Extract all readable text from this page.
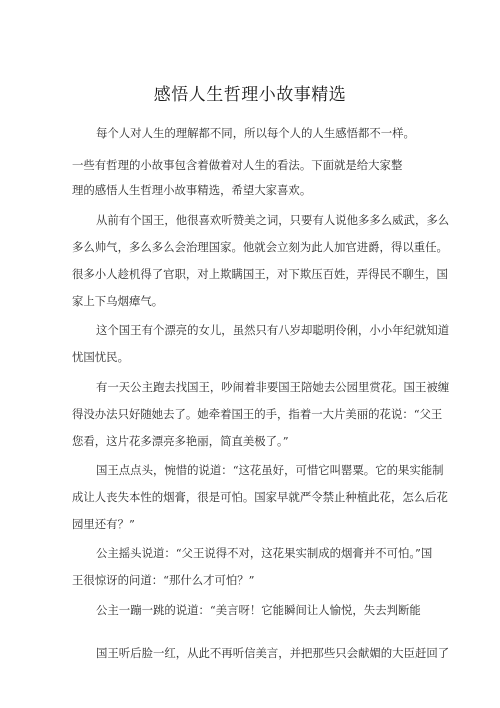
感悟人生哲理小故事精选
每个人对人生的理解都不同，所以每个人的人生感悟都不一样。
一些有哲理的小故事包含着做着对人生的看法。下面就是给大家整
理的感悟人生哲理小故事精选，希望大家喜欢。
从前有个国王，他很喜欢听赞美之词，只要有人说他多多么威武，多么
多么帅气，多么多么会治理国家。他就会立刻为此人加官进爵，得以重任。
很多小人趁机得了官职，对上欺瞒国王，对下欺压百姓，弄得民不聊生，国
家上下乌烟瘴气。
这个国王有个漂亮的女儿，虽然只有八岁却聪明伶俐，小小年纪就知道
忧国忧民。
有一天公主跑去找国王，吵闹着非要国王陪她去公园里赏花。国王被缠
得没办法只好随她去了。她牵着国王的手，指着一大片美丽的花说：“父王
您看，这片花多漂亮多艳丽，简直美极了。”
国王点点头，惋惜的说道：“这花虽好，可惜它叫罂粟。它的果实能制
成让人丧失本性的烟膏，很是可怕。国家早就严令禁止种植此花，怎么后花
园里还有？”
公主摇头说道：“父王说得不对，这花果实制成的烟膏并不可怕。”国
王很惊讶的问道：“那什么才可怕？”
公主一蹦一跳的说道：“美言呀！它能瞬间让人愉悦，失去判断能
国王听后脸一红，从此不再听信美言，并把那些只会献媚的大臣赶回了
